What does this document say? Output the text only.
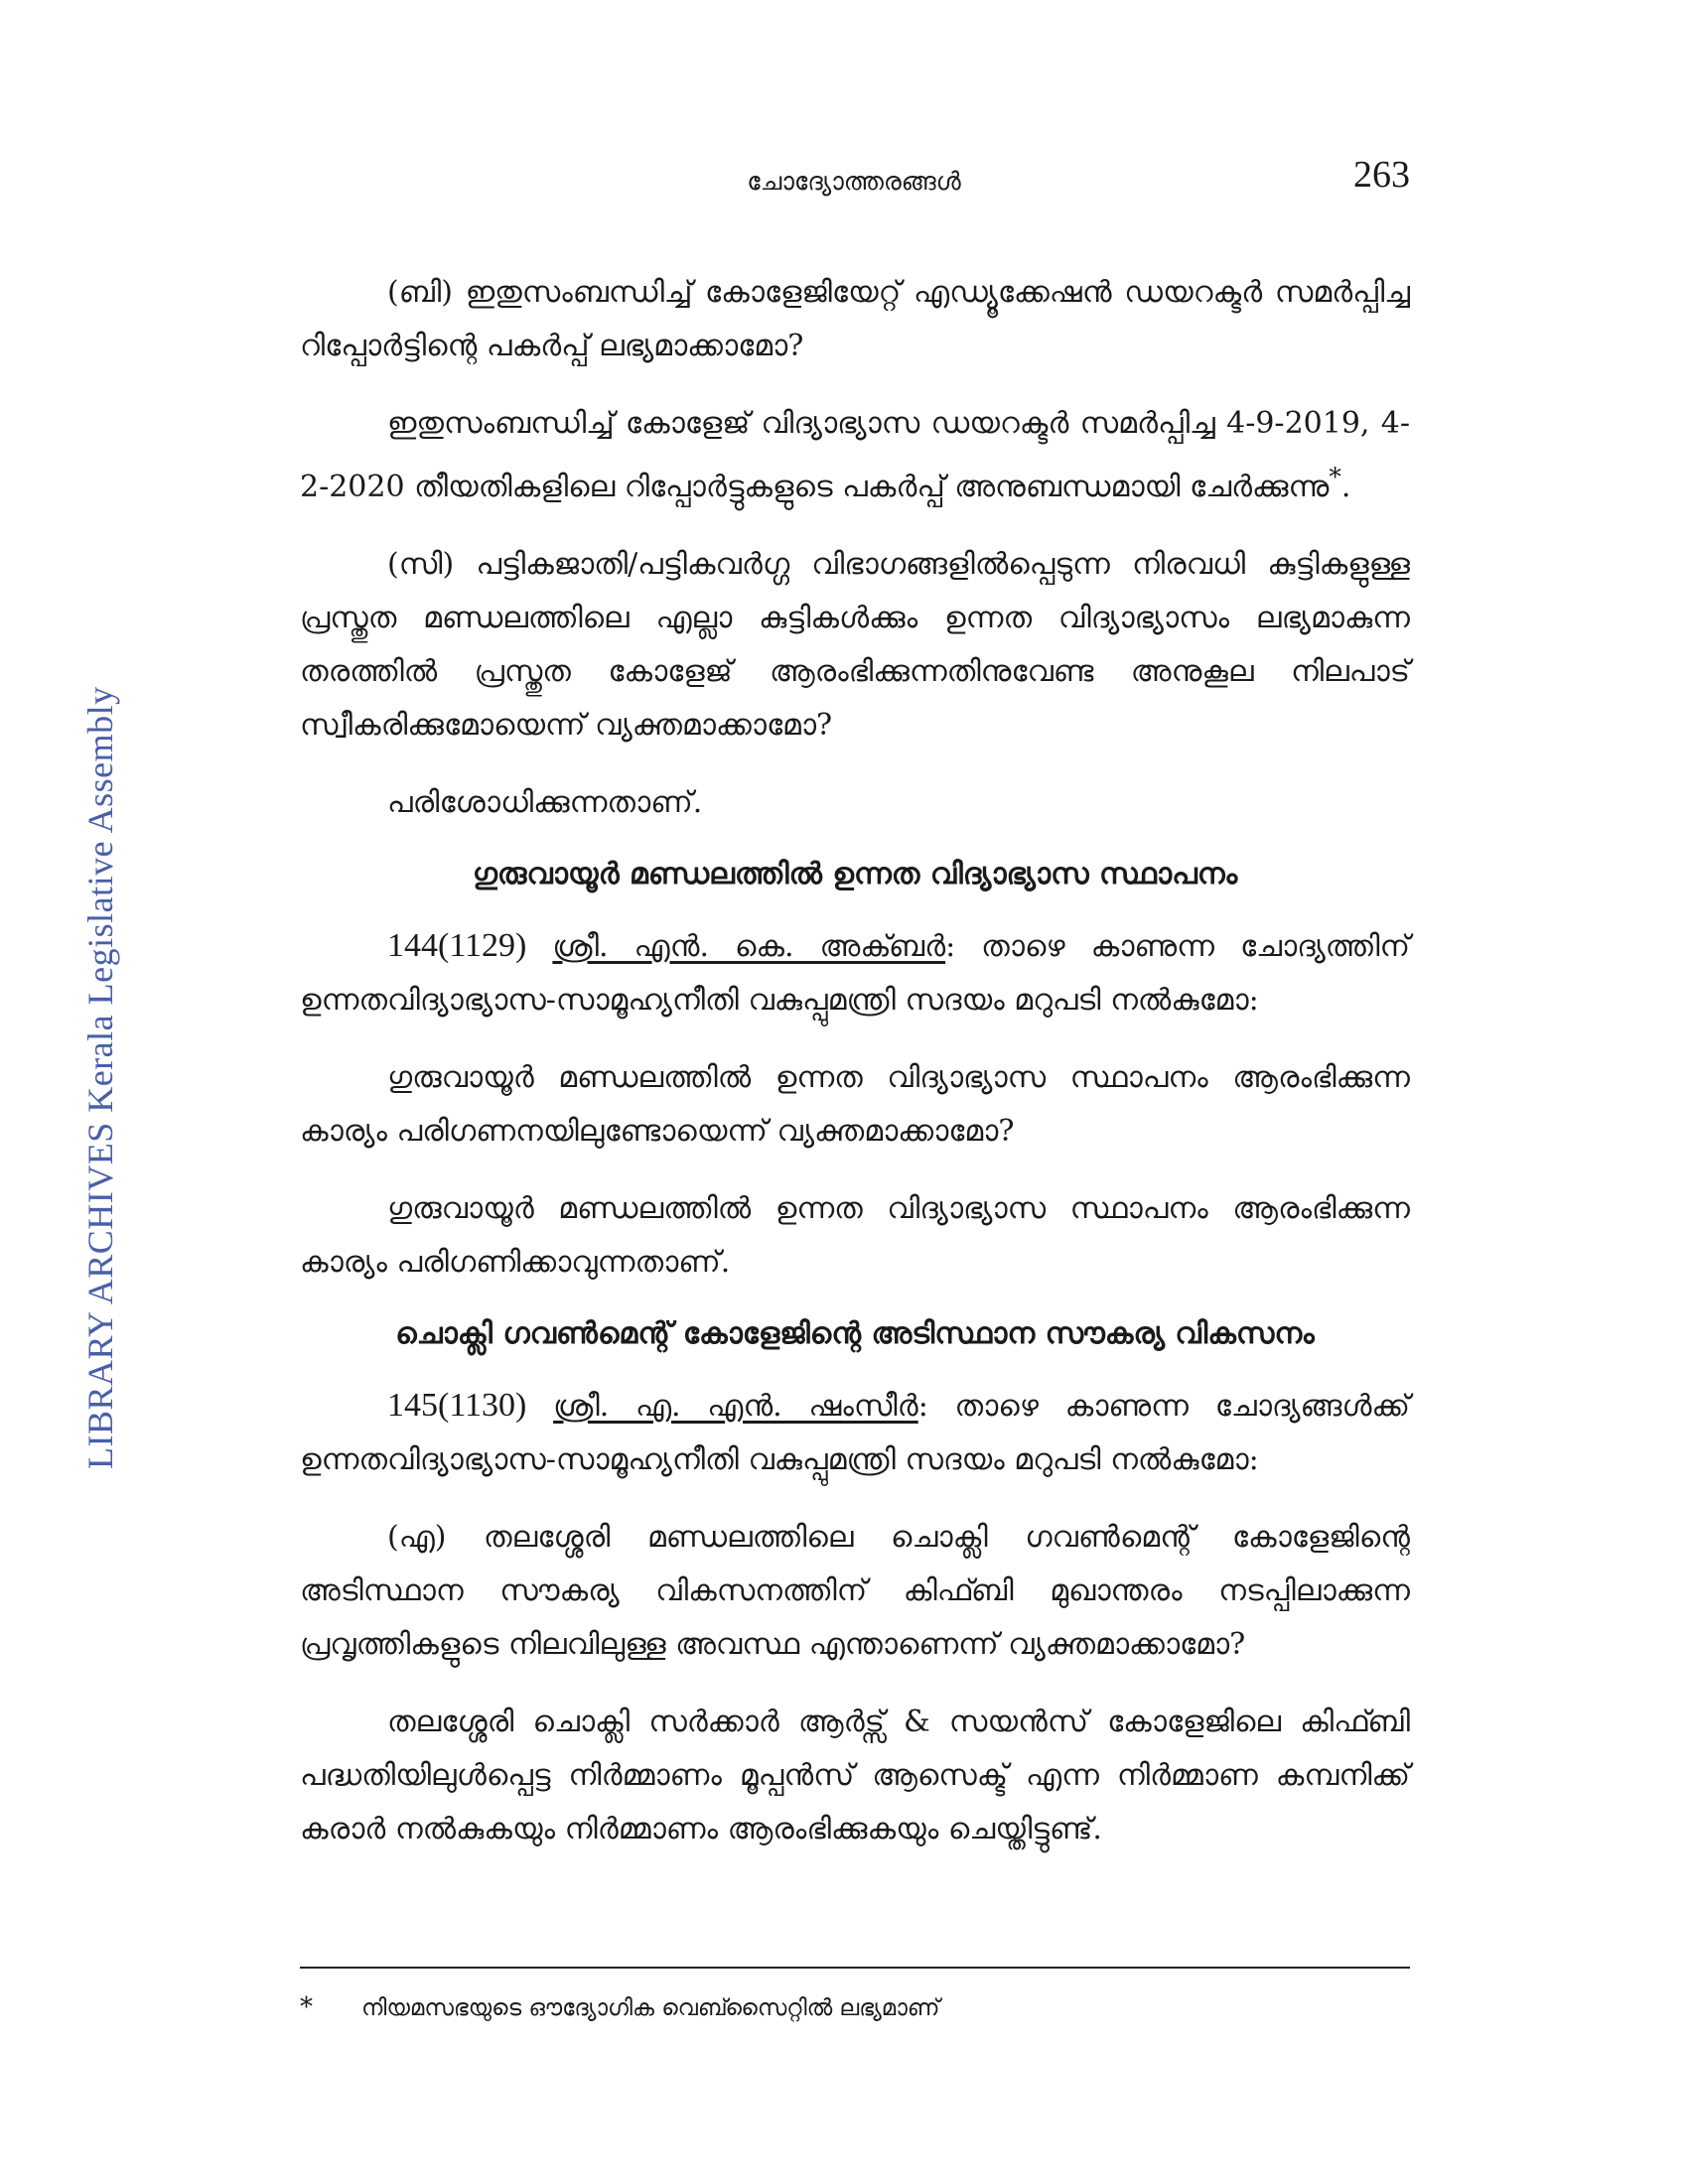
LIBRARY ARCHIVES Kerala Legislative Assembly
ചോദ്യോത്തരങ്ങൾ	263

(ബി) ഇതുസംബന്ധിച്ച് കോളേജിയേറ്റ് എഡ്യൂക്കേഷൻ ഡയറക്ടർ സമർപ്പിച്ച റിപ്പോർട്ടിന്റെ പകർപ്പ് ലഭ്യമാക്കാമോ?

ഇതുസംബന്ധിച്ച് കോളേജ് വിദ്യാഭ്യാസ ഡയറക്ടർ സമർപ്പിച്ച 4-9-2019, 4-2-2020 തീയതികളിലെ റിപ്പോർട്ടുകളുടെ പകർപ്പ് അനുബന്ധമായി ചേർക്കുന്നു*.

(സി) പട്ടികജാതി/പട്ടികവർഗ്ഗ വിഭാഗങ്ങളിൽപ്പെടുന്ന നിരവധി കുട്ടികളുള്ള പ്രസ്തുത മണ്ഡലത്തിലെ എല്ലാ കുട്ടികൾക്കും ഉന്നത വിദ്യാഭ്യാസം ലഭ്യമാകുന്ന തരത്തിൽ പ്രസ്തുത കോളേജ് ആരംഭിക്കുന്നതിനുവേണ്ട അനുകൂല നിലപാട് സ്വീകരിക്കുമോയെന്ന് വ്യക്തമാക്കാമോ?

പരിശോധിക്കുന്നതാണ്.

ഗുരുവായൂർ മണ്ഡലത്തിൽ ഉന്നത വിദ്യാഭ്യാസ സ്ഥാപനം

144(1129) ശ്രീ. എൻ. കെ. അക്ബർ: താഴെ കാണുന്ന ചോദ്യത്തിന് ഉന്നതവിദ്യാഭ്യാസ-സാമൂഹ്യനീതി വകുപ്പുമന്ത്രി സദയം മറുപടി നൽകുമോ:

ഗുരുവായൂർ മണ്ഡലത്തിൽ ഉന്നത വിദ്യാഭ്യാസ സ്ഥാപനം ആരംഭിക്കുന്ന കാര്യം പരിഗണനയിലുണ്ടോയെന്ന് വ്യക്തമാക്കാമോ?

ഗുരുവായൂർ മണ്ഡലത്തിൽ ഉന്നത വിദ്യാഭ്യാസ സ്ഥാപനം ആരംഭിക്കുന്ന കാര്യം പരിഗണിക്കാവുന്നതാണ്.

ചൊക്ലി ഗവൺമെന്റ് കോളേജിന്റെ അടിസ്ഥാന സൗകര്യ വികസനം

145(1130) ശ്രീ. എ. എൻ. ഷംസീർ: താഴെ കാണുന്ന ചോദ്യങ്ങൾക്ക് ഉന്നതവിദ്യാഭ്യാസ-സാമൂഹ്യനീതി വകുപ്പുമന്ത്രി സദയം മറുപടി നൽകുമോ:

(എ) തലശ്ശേരി മണ്ഡലത്തിലെ ചൊക്ലി ഗവൺമെന്റ് കോളേജിന്റെ അടിസ്ഥാന സൗകര്യ വികസനത്തിന് കിഫ്ബി മുഖാന്തരം നടപ്പിലാക്കുന്ന പ്രവൃത്തികളുടെ നിലവിലുള്ള അവസ്ഥ എന്താണെന്ന് വ്യക്തമാക്കാമോ?

തലശ്ശേരി ചൊക്ലി സർക്കാർ ആർട്സ് & സയൻസ് കോളേജിലെ കിഫ്ബി പദ്ധതിയിലുൾപ്പെട്ട നിർമ്മാണം മൂപ്പൻസ് ആസെക്ട് എന്ന നിർമ്മാണ കമ്പനിക്ക് കരാർ നൽകുകയും നിർമ്മാണം ആരംഭിക്കുകയും ചെയ്തിട്ടുണ്ട്.

* നിയമസഭയുടെ ഔദ്യോഗിക വെബ്സൈറ്റിൽ ലഭ്യമാണ്
